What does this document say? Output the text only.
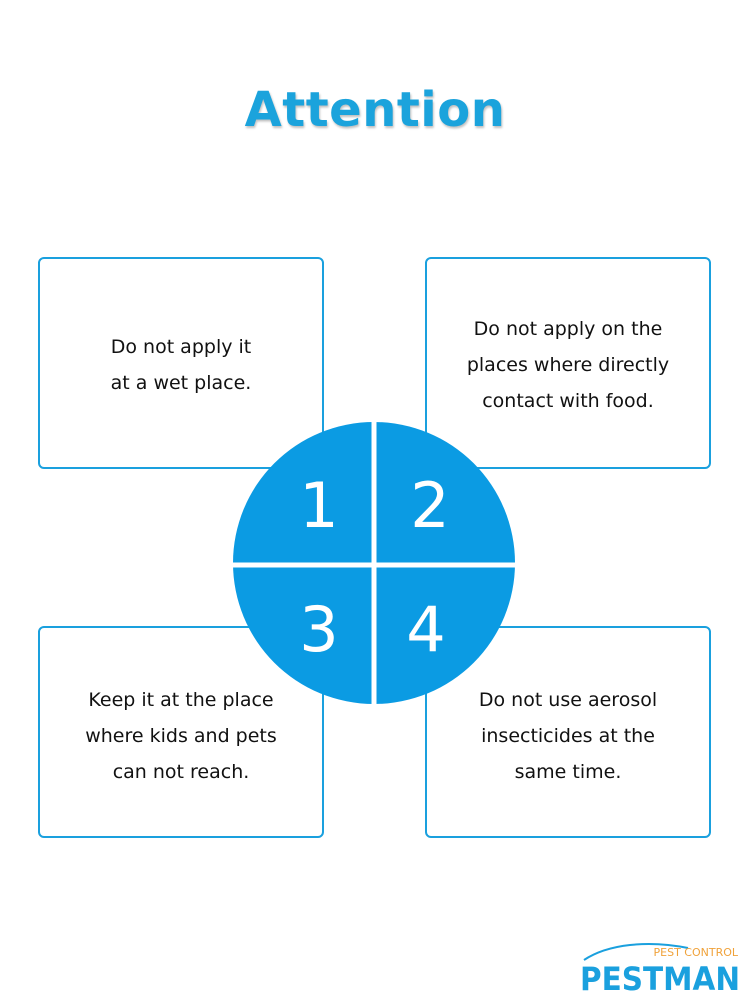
Attention
Do not apply it
at a wet place.
Do not apply on the
places where directly
contact with food.
Keep it at the place
where kids and pets
can not reach.
Do not use aerosol
insecticides at the
same time.
1 2
3 4
PEST CONTROL
PESTMAN
